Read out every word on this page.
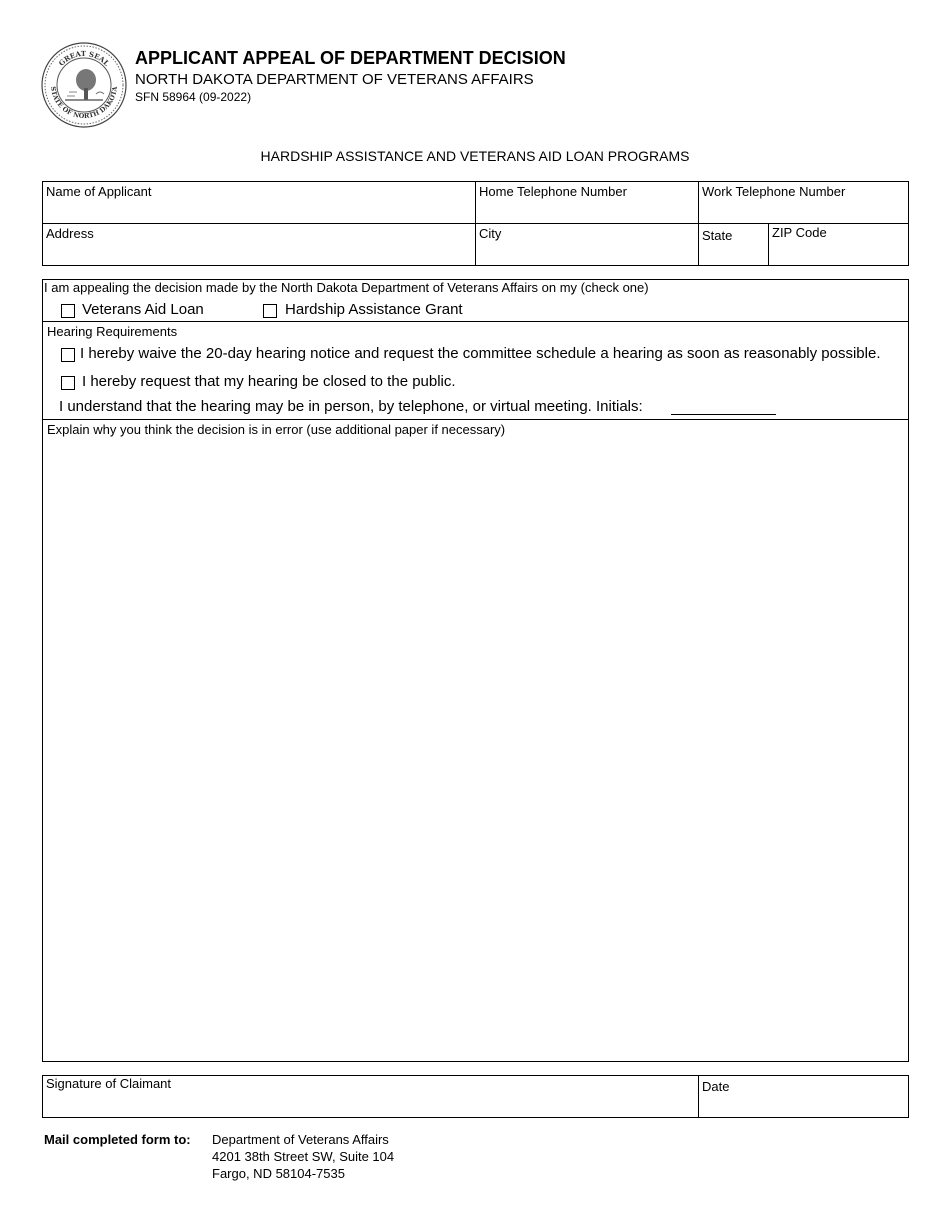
GREAT SEAL
STATE OF NORTH DAKOTA
APPLICANT APPEAL OF DEPARTMENT DECISION
NORTH DAKOTA DEPARTMENT OF VETERANS AFFAIRS
SFN 58964 (09-2022)
HARDSHIP ASSISTANCE AND VETERANS AID LOAN PROGRAMS
Name of Applicant	Home Telephone Number	Work Telephone Number
Address	City	State	ZIP Code
I am appealing the decision made by the North Dakota Department of Veterans Affairs on my (check one)
Veterans Aid Loan	Hardship Assistance Grant
Hearing Requirements
I hereby waive the 20-day hearing notice and request the committee schedule a hearing as soon as reasonably possible.
I hereby request that my hearing be closed to the public.
I understand that the hearing may be in person, by telephone, or virtual meeting. Initials:
Explain why you think the decision is in error (use additional paper if necessary)
Signature of Claimant	Date
Mail completed form to: Department of Veterans Affairs
4201 38th Street SW, Suite 104
Fargo, ND 58104-7535
